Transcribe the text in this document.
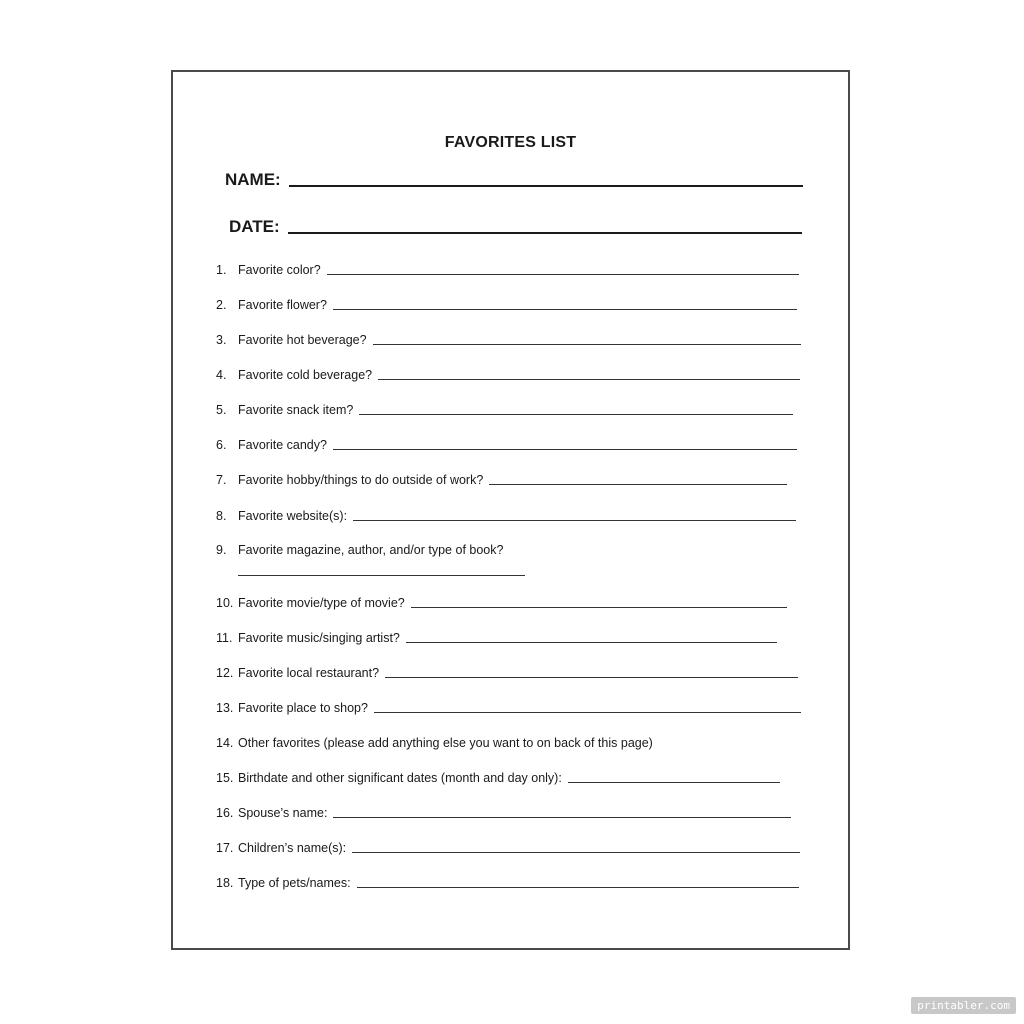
FAVORITES LIST
NAME:
DATE:
1. Favorite color?
2. Favorite flower?
3. Favorite hot beverage?
4. Favorite cold beverage?
5. Favorite snack item?
6. Favorite candy?
7. Favorite hobby/things to do outside of work?
8. Favorite website(s):
9. Favorite magazine, author, and/or type of book?
10. Favorite movie/type of movie?
11. Favorite music/singing artist?
12. Favorite local restaurant?
13. Favorite place to shop?
14. Other favorites (please add anything else you want to on back of this page)
15. Birthdate and other significant dates (month and day only):
16. Spouse’s name:
17. Children’s name(s):
18. Type of pets/names:
printabler.com
